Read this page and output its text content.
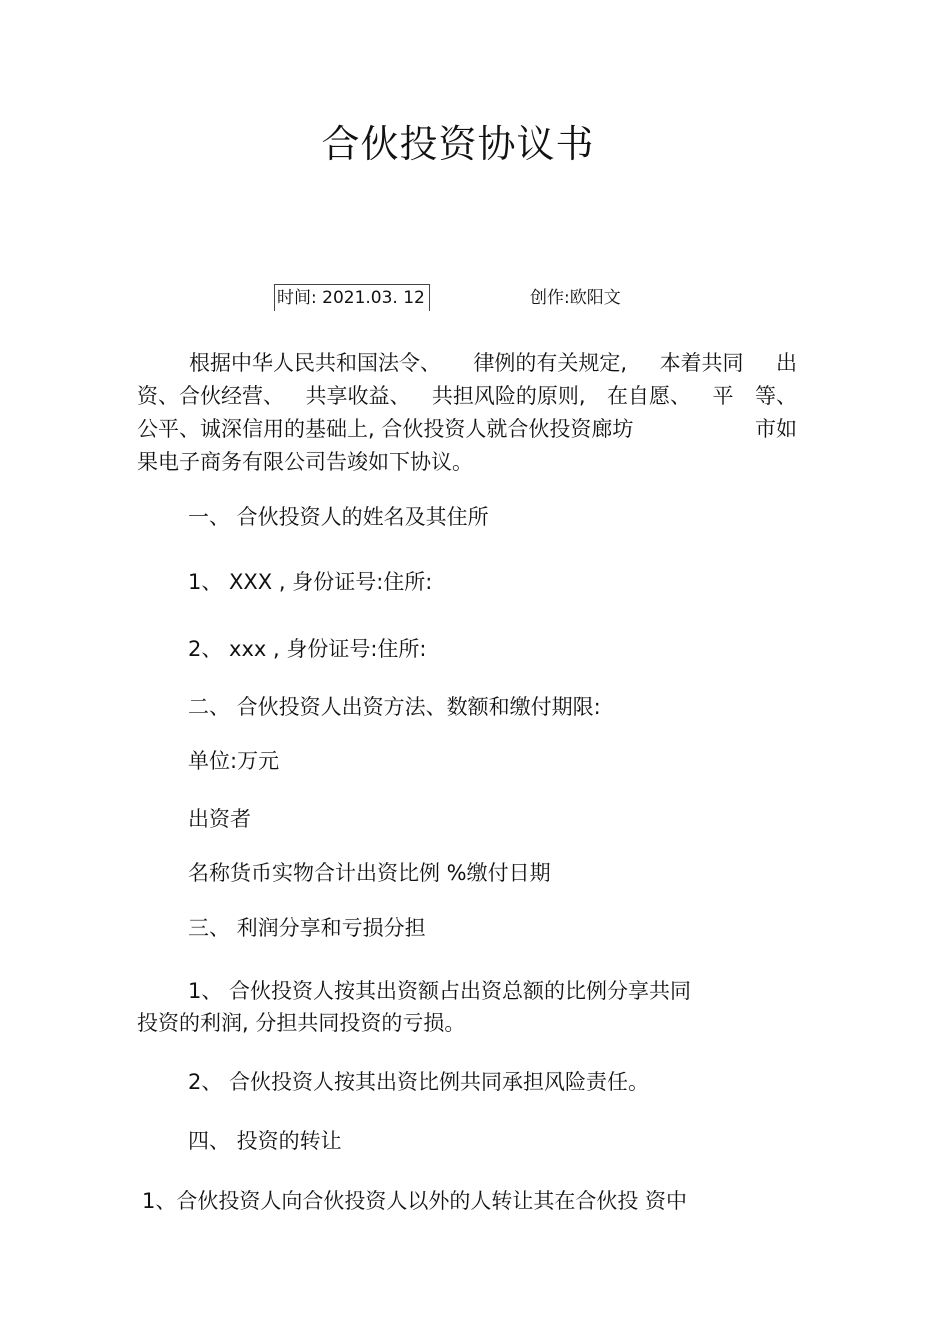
合伙投资协议书
时间: 2021.03. 12	创作:欧阳文
根据中华人民共和国法令、 律例的有关规定, 本着共同 出
资、合伙经营、 共享收益、 共担风险的原则, 在自愿、 平 等、
公平、诚深信用的基础上, 合伙投资人就合伙投资廊坊	市如
果电子商务有限公司告竣如下协议。
一、 合伙投资人的姓名及其住所
1、 XXX , 身份证号:住所:
2、 xxx , 身份证号:住所:
二、 合伙投资人出资方法、数额和缴付期限:
单位:万元
出资者
名称货币实物合计出资比例 %缴付日期
三、 利润分享和亏损分担
1、 合伙投资人按其出资额占出资总额的比例分享共同
投资的利润, 分担共同投资的亏损。
2、 合伙投资人按其出资比例共同承担风险责任。
四、 投资的转让
1、合伙投资人向合伙投资人以外的人转让其在合伙投 资中
